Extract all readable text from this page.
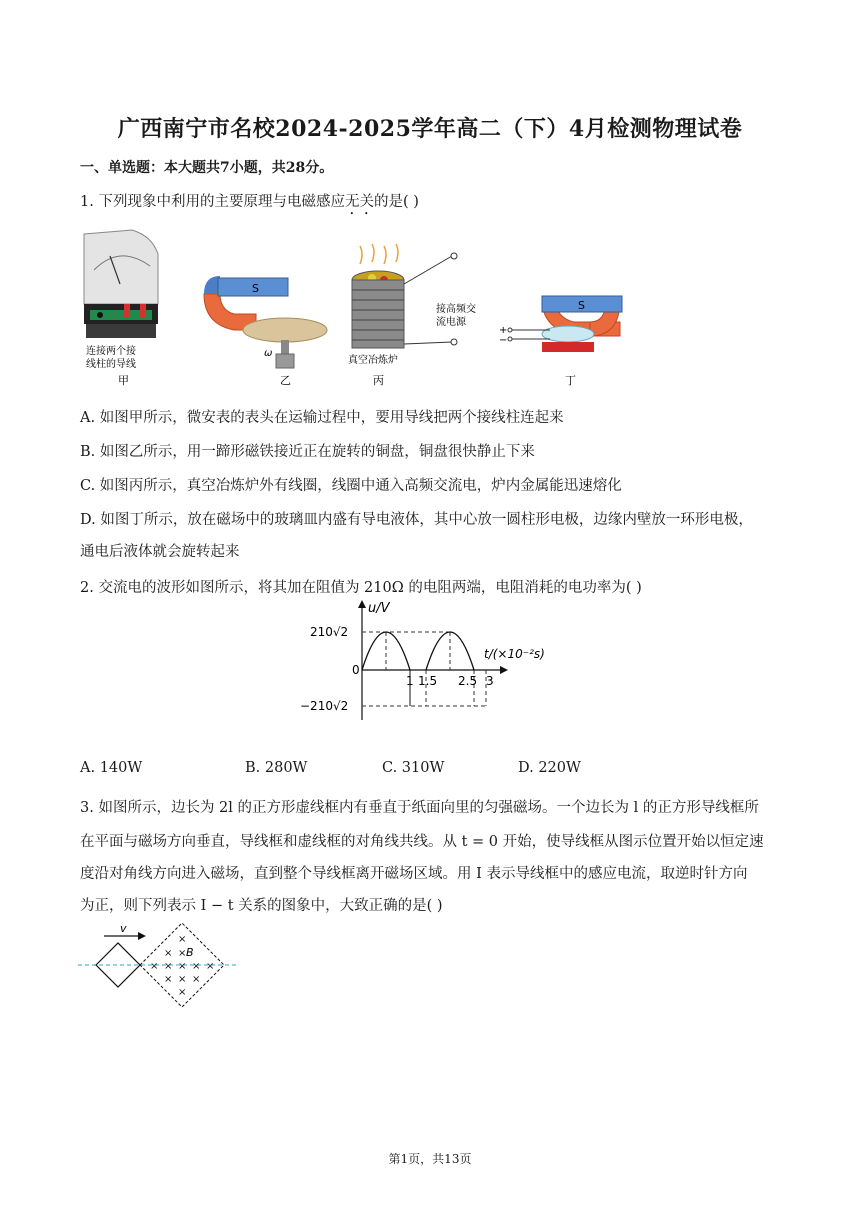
广西南宁市名校2024-2025学年高二（下）4月检测物理试卷
一、单选题：本大题共7小题，共28分。
1. 下列现象中利用的主要原理与电磁感应无关的是( )
连接两个接
线柱的导线
甲
S
ω
乙
接高频交
流电源
真空冶炼炉
丙
S
+
−
丁
A. 如图甲所示，微安表的表头在运输过程中，要用导线把两个接线柱连起来
B. 如图乙所示，用一蹄形磁铁接近正在旋转的铜盘，铜盘很快静止下来
C. 如图丙所示，真空冶炼炉外有线圈，线圈中通入高频交流电，炉内金属能迅速熔化
D. 如图丁所示，放在磁场中的玻璃皿内盛有导电液体，其中心放一圆柱形电极，边缘内壁放一环形电极，
通电后液体就会旋转起来
2. 交流电的波形如图所示，将其加在阻值为 210Ω 的电阻两端，电阻消耗的电功率为( )
u/V
t/(×10⁻²s)
210√2
0
−210√2
1 1.5 2.5 3
A. 140W	B. 280W	C. 310W	D. 220W
3. 如图所示，边长为 2l 的正方形虚线框内有垂直于纸面向里的匀强磁场。一个边长为 l 的正方形导线框所
在平面与磁场方向垂直，导线框和虚线框的对角线共线。从 t = 0 开始，使导线框从图示位置开始以恒定速
度沿对角线方向进入磁场，直到整个导线框离开磁场区域。用 I 表示导线框中的感应电流，取逆时针方向
为正，则下列表示 I − t 关系的图象中，大致正确的是( )
v
×
× ×
× × × × ×
× × ×
×
B
第1页，共13页
